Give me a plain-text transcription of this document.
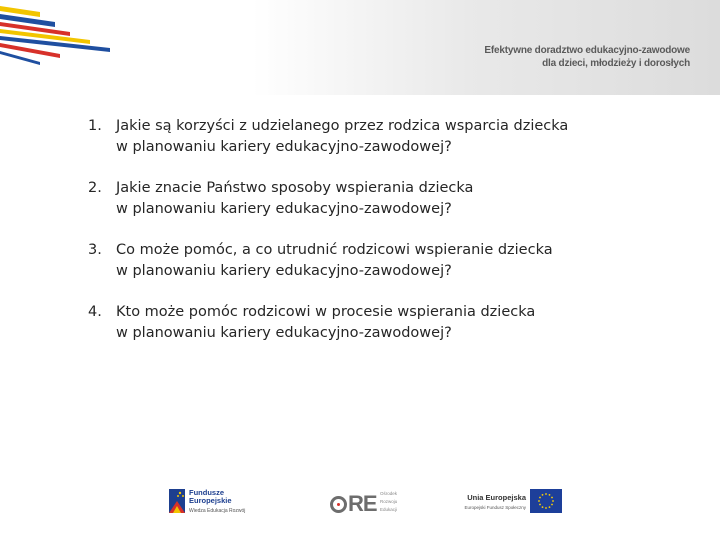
Efektywne doradztwo edukacyjno-zawodowe
dla dzieci, młodzieży i dorosłych
1. Jakie są korzyści z udzielanego przez rodzica wsparcia dziecka
w planowaniu kariery edukacyjno-zawodowej?
2. Jakie znacie Państwo sposoby wspierania dziecka
w planowaniu kariery edukacyjno-zawodowej?
3. Co może pomóc, a co utrudnić rodzicowi wspieranie dziecka
w planowaniu kariery edukacyjno-zawodowej?
4. Kto może pomóc rodzicowi w procesie wspierania dziecka
w planowaniu kariery edukacyjno-zawodowej?
Fundusze
Europejskie
Wiedza Edukacja Rozwój	RE Ośrodek
Rozwoju
Edukacji
Unia Europejska
Europejski Fundusz Społeczny
